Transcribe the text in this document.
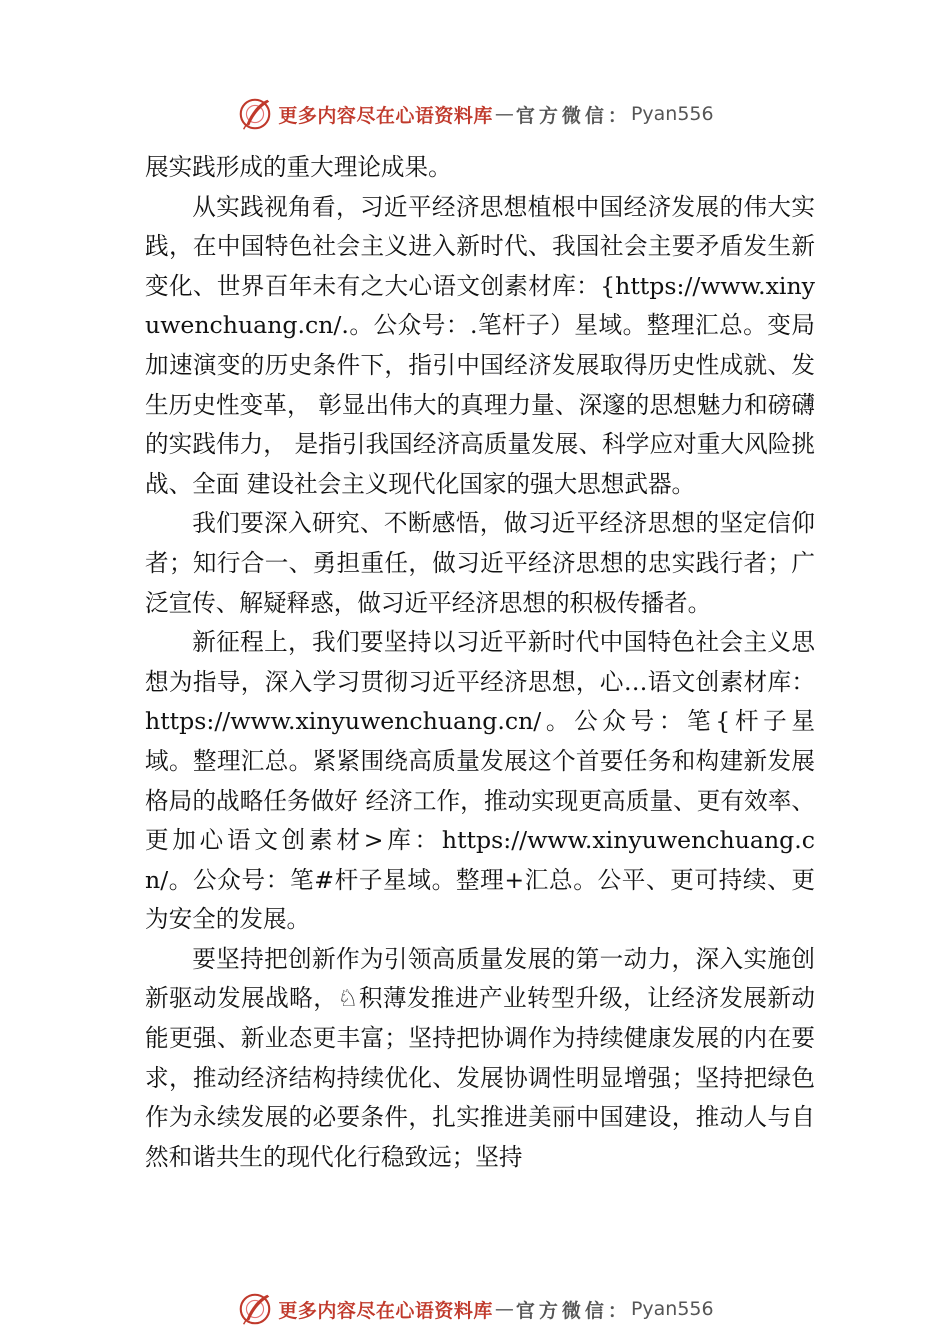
更多内容尽在心语资料库 — 官方微信： Pyan556

展实践形成的重大理论成果。

从实践视角看，习近平经济思想植根中国经济发展的伟大实践，在中国特色社会主义进入新时代、我国社会主要矛盾发生新变化、世界百年未有之大心语文创素材库：{https://www.xinyuwenchuang.cn/.。公众号：.笔杆子）星域。整理汇总。变局加速演变的历史条件下，指引中国经济发展取得历史性成就、发生历史性变革， 彰显出伟大的真理力量、深邃的思想魅力和磅礴的实践伟力， 是指引我国经济高质量发展、科学应对重大风险挑战、全面 建设社会主义现代化国家的强大思想武器。

我们要深入研究、不断感悟，做习近平经济思想的坚定信仰者；知行合一、勇担重任，做习近平经济思想的忠实践行者；广泛宣传、解疑释惑，做习近平经济思想的积极传播者。

新征程上，我们要坚持以习近平新时代中国特色社会主义思想为指导，深入学习贯彻习近平经济思想，心…语文创素材库：https://www.xinyuwenchuang.cn/。公众号：笔{杆子星域。整理汇总。紧紧围绕高质量发展这个首要任务和构建新发展格局的战略任务做好 经济工作，推动实现更高质量、更有效率、更加心语文创素材>库：https://www.xinyuwenchuang.cn/。公众号：笔#杆子星域。整理+汇总。公平、更可持续、更为安全的发展。

要坚持把创新作为引领高质量发展的第一动力，深入实施创新驱动发展战略，♘积薄发推进产业转型升级，让经济发展新动能更强、新业态更丰富；坚持把协调作为持续健康发展的内在要求，推动经济结构持续优化、发展协调性明显增强；坚持把绿色作为永续发展的必要条件，扎实推进美丽中国建设，推动人与自然和谐共生的现代化行稳致远；坚持

更多内容尽在心语资料库 — 官方微信： Pyan556
